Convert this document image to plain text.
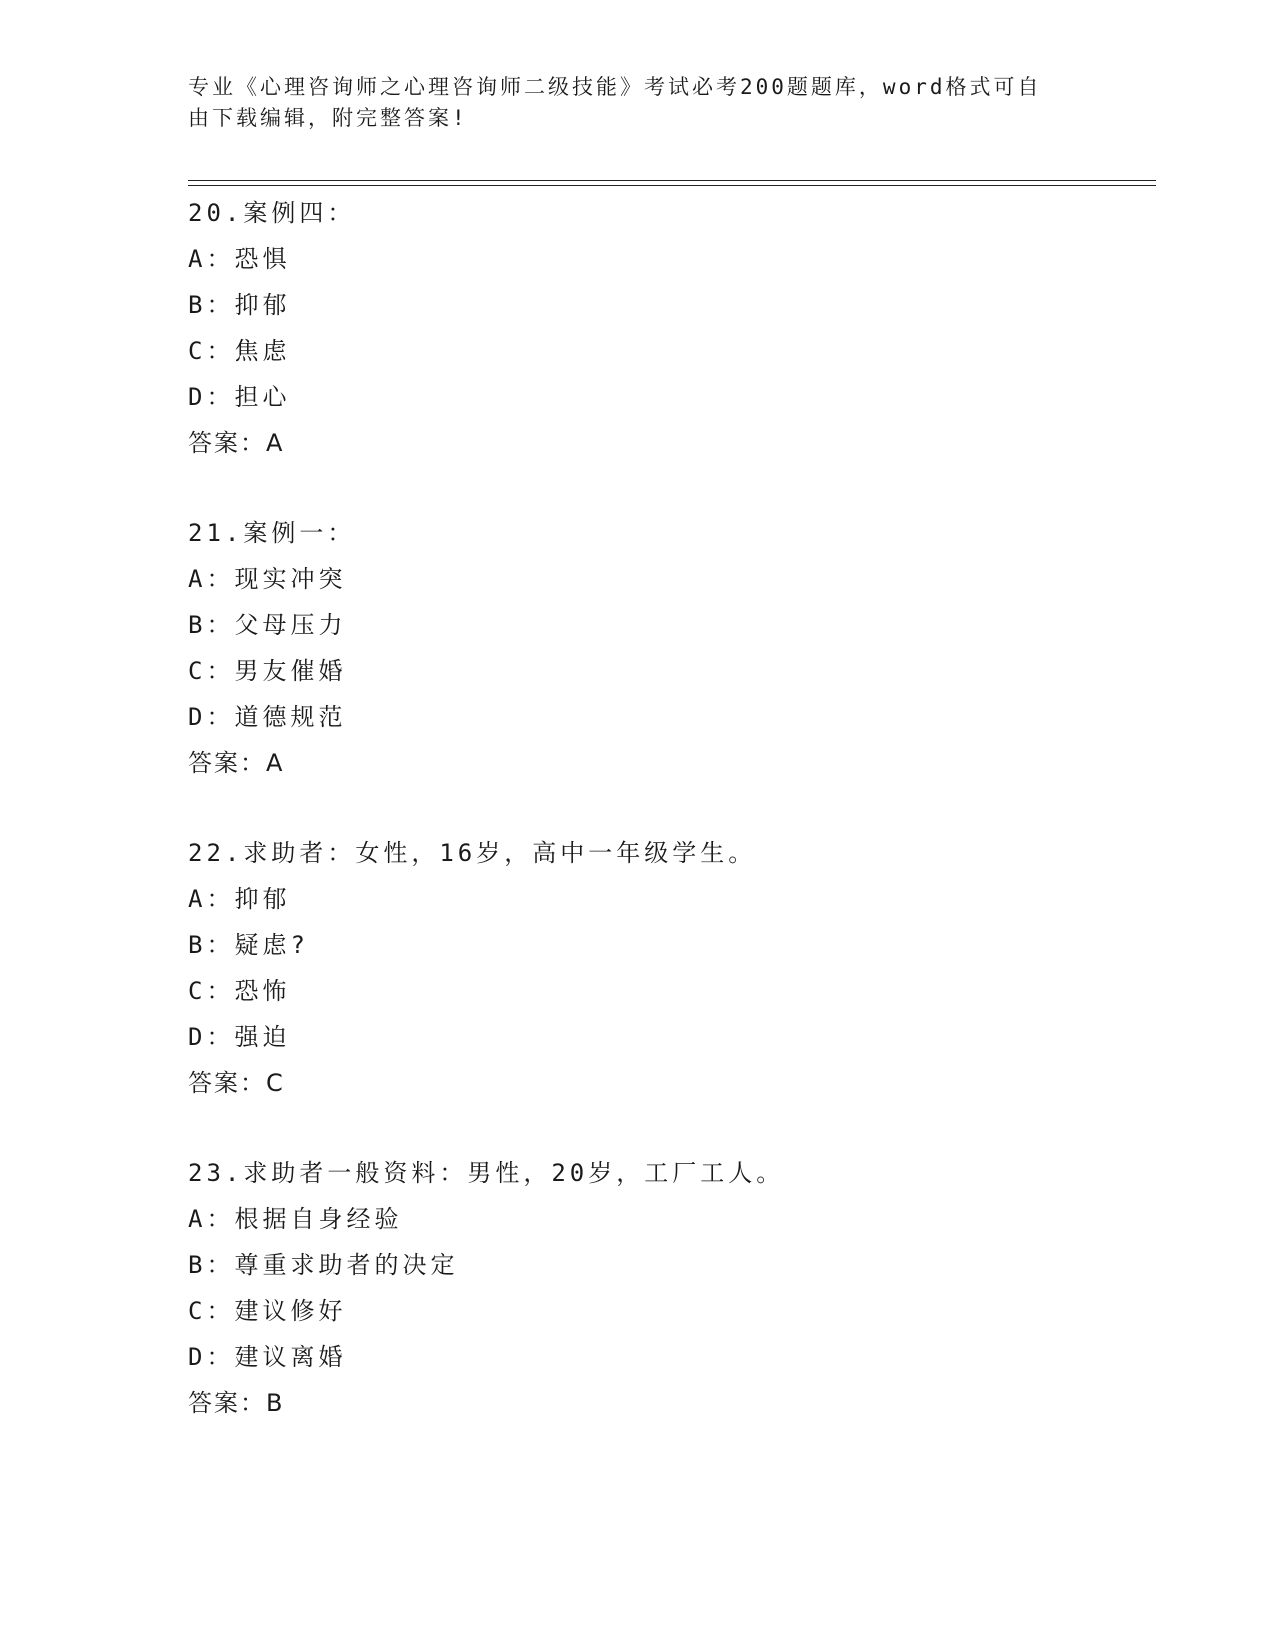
专业《心理咨询师之心理咨询师二级技能》考试必考200题题库，word格式可自
由下载编辑，附完整答案!
20.案例四：
A：恐惧
B：抑郁
C：焦虑
D：担心
答案：A
21.案例一：
A：现实冲突
B：父母压力
C：男友催婚
D：道德规范
答案：A
22.求助者：女性，16岁，高中一年级学生。
A：抑郁
B：疑虑?
C：恐怖
D：强迫
答案：C
23.求助者一般资料：男性，20岁，工厂工人。
A：根据自身经验
B：尊重求助者的决定
C：建议修好
D：建议离婚
答案：B
